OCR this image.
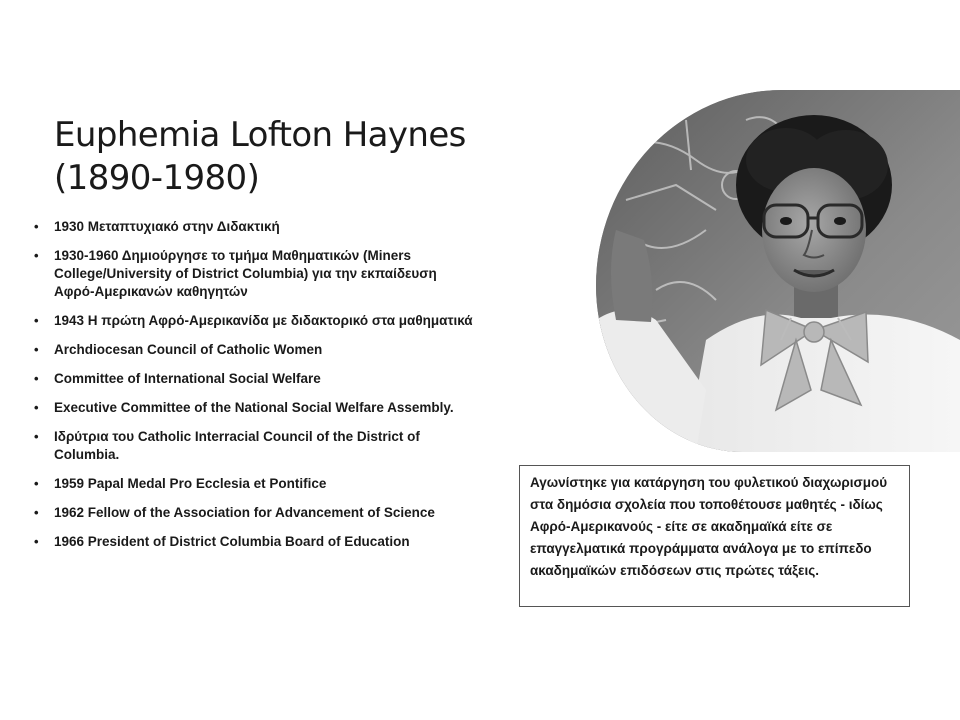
Euphemia Lofton Haynes
(1890-1980)
• 1930 Μεταπτυχιακό στην Διδακτική
• 1930-1960 Δημιούργησε το τμήμα Μαθηματικών (Miners College/University of District Columbia) για την εκπαίδευση Αφρό-Αμερικανών καθηγητών
• 1943 Η πρώτη Αφρό-Αμερικανίδα με διδακτορικό στα μαθηματικά
• Archdiocesan Council of Catholic Women
• Committee of International Social Welfare
• Executive Committee of the National Social Welfare Assembly.
• Ιδρύτρια του Catholic Interracial Council of the District of Columbia.
• 1959 Papal Medal Pro Ecclesia et Pontifice
• 1962 Fellow of the Association for Advancement of Science
• 1966 President of District Columbia Board of Education
Αγωνίστηκε για κατάργηση του φυλετικού διαχωρισμού στα δημόσια σχολεία που τοποθέτουσε μαθητές - ιδίως Αφρό-Αμερικανούς - είτε σε ακαδημαϊκά είτε σε επαγγελματικά προγράμματα ανάλογα με το επίπεδο ακαδημαϊκών επιδόσεων στις πρώτες τάξεις.
